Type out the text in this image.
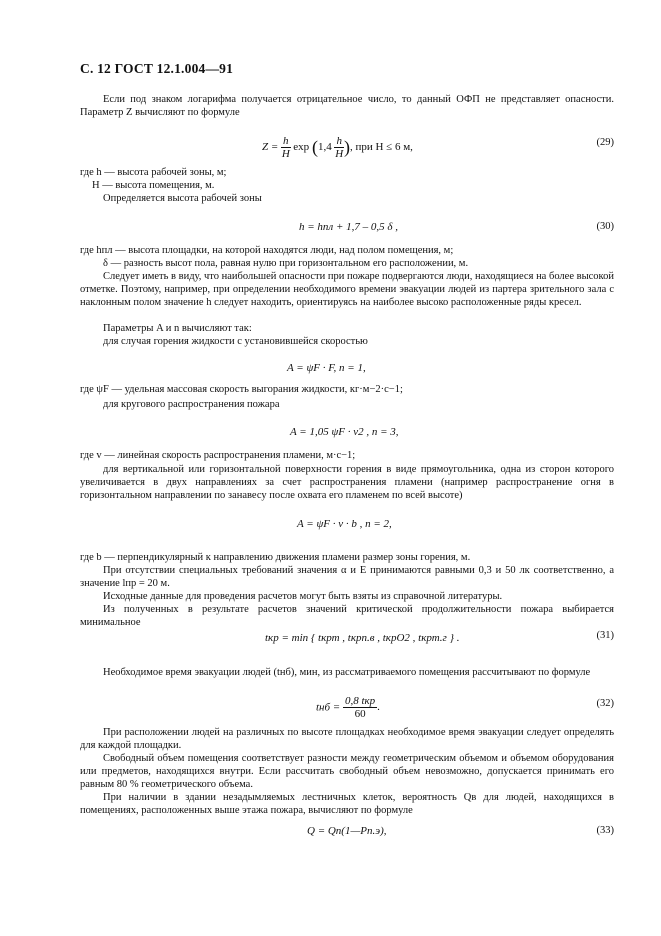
С. 12 ГОСТ 12.1.004—91

Если под знаком логарифма получается отрицательное число, то данный ОФП не представляет опасности. Параметр Z вычисляют по формуле

$Z = \frac{h}{H}$ $\exp (1,4 \frac{h}{H}$ ), при H ≤ 6 м,	(29)
где h — высота рабочей зоны, м;
H — высота помещения, м.
Определяется высота рабочей зоны
h = hпл + 1,7 – 0,5 δ ,	(30)
где hпл — высота площадки, на которой находятся люди, над полом помещения, м;
δ — разность высот пола, равная нулю при горизонтальном его расположении, м.

Следует иметь в виду, что наибольшей опасности при пожаре подвергаются люди, находящиеся на более высокой отметке. Поэтому, например, при определении необходимого времени эвакуации людей из партера зрительного зала с наклонным полом значение h следует находить, ориентируясь на наиболее высоко расположенные ряды кресел.

Параметры A и n вычисляют так:
для случая горения жидкости с установившейся скоростью
A = ψF · F, n = 1,
где ψF — удельная массовая скорость выгорания жидкости, кг·м−2·с−1;
для кругового распространения пожара
A = 1,05 ψF · v2 , n = 3,
где v — линейная скорость распространения пламени, м·с−1;

для вертикальной или горизонтальной поверхности горения в виде прямоугольника, одна из сторон которого увеличивается в двух направлениях за счет распространения пламени (например распространение огня в горизонтальном направлении по занавесу после охвата его пламенем по всей высоте)

A = ψF · v · b , n = 2,
где b — перпендикулярный к направлению движения пламени размер зоны горения, м.

При отсутствии специальных требований значения α и Е принимаются равными 0,3 и 50 лк соответственно, а значение lпр = 20 м.

Исходные данные для проведения расчетов могут быть взяты из справочной литературы.

Из полученных в результате расчетов значений критической продолжительности пожара выбирается минимальное

tкр = min { tкрт , tкрп.в , tкрO2 , tкрт.г } .	(31)

Необходимое время эвакуации людей (tнб), мин, из рассматриваемого помещения рассчитывают по формуле

tнб = $\frac{\text{0,8 tкр}}{60}$ .	(32)

При расположении людей на различных по высоте площадках необходимое время эвакуации следует определять для каждой площадки.

Свободный объем помещения соответствует разности между геометрическим объемом и объемом оборудования или предметов, находящихся внутри. Если рассчитать свободный объем невозможно, допускается принимать его равным 80 % геометрического объема.

При наличии в здании незадымляемых лестничных клеток, вероятность Qв для людей, находящихся в помещениях, расположенных выше этажа пожара, вычисляют по формуле

Q = Qп(1—Pп.э),	(33)
